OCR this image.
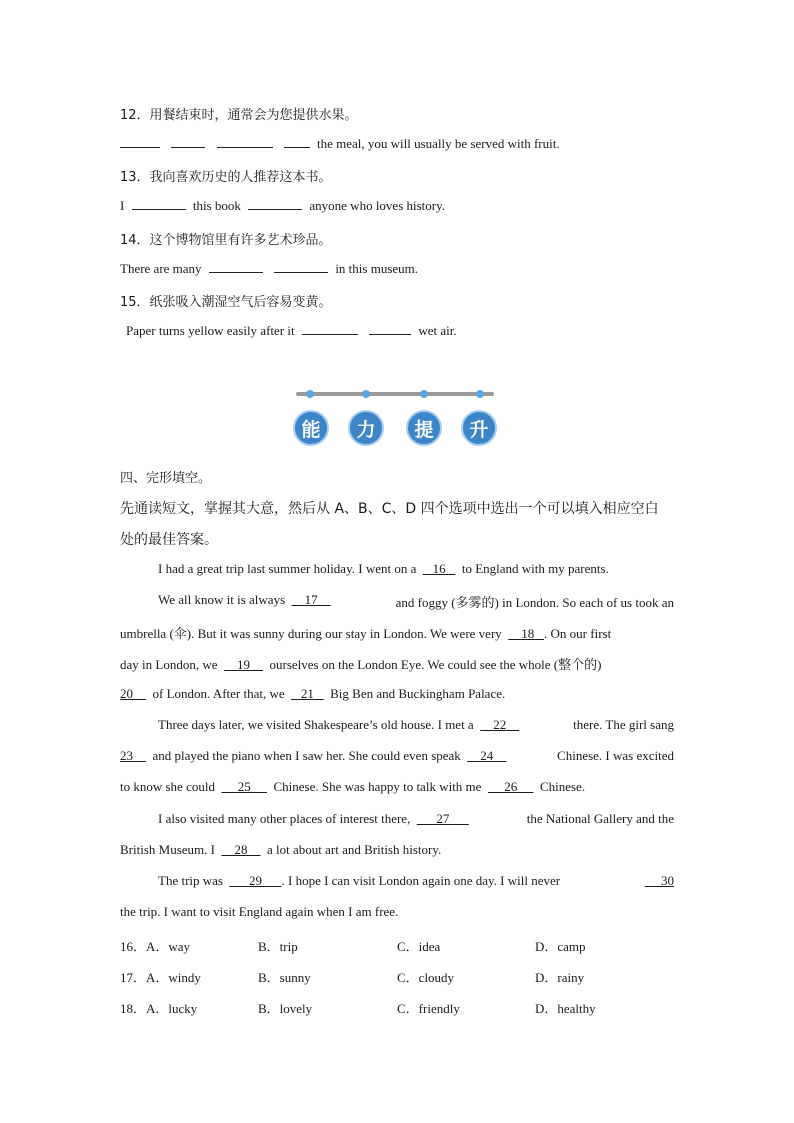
12．用餐结束时，通常会为您提供水果。
the meal, you will usually be served with fruit.
13．我向喜欢历史的人推荐这本书。
I	this book	anyone who loves history.
14．这个博物馆里有许多艺术珍品。
There are many	in this museum.
15．纸张吸入潮湿空气后容易变黄。
Paper turns yellow easily after it	wet air.
能	力	提	升
四、完形填空。
先通读短文，掌握其大意，然后从 A、B、C、D 四个选项中选出一个可以填入相应空白
处的最佳答案。
I had a great trip last summer holiday. I went on a 16 to England with my parents.
We all know it is always 17	and foggy (多雾的) in London. So each of us took an
umbrella (伞). But it was sunny during our stay in London. We were very 18 . On our first
day in London, we 19 ourselves on the London Eye. We could see the whole (整个的)
20 of London. After that, we 21 Big Ben and Buckingham Palace.
Three days later, we visited Shakespeare’s old house. I met a 22	there. The girl sang
23 and played the piano when I saw her. She could even speak 24	Chinese. I was excited
to know she could 25 Chinese. She was happy to talk with me 26 Chinese.
I also visited many other places of interest there, 27	the National Gallery and the
British Museum. I 28 a lot about art and British history.
The trip was 29 . I hope I can visit London again one day. I will never	30
the trip. I want to visit England again when I am free.
16．A．way	B．trip	C．idea	D．camp
17．A．windy	B．sunny	C．cloudy	D．rainy
18．A．lucky	B．lovely	C．friendly	D．healthy
